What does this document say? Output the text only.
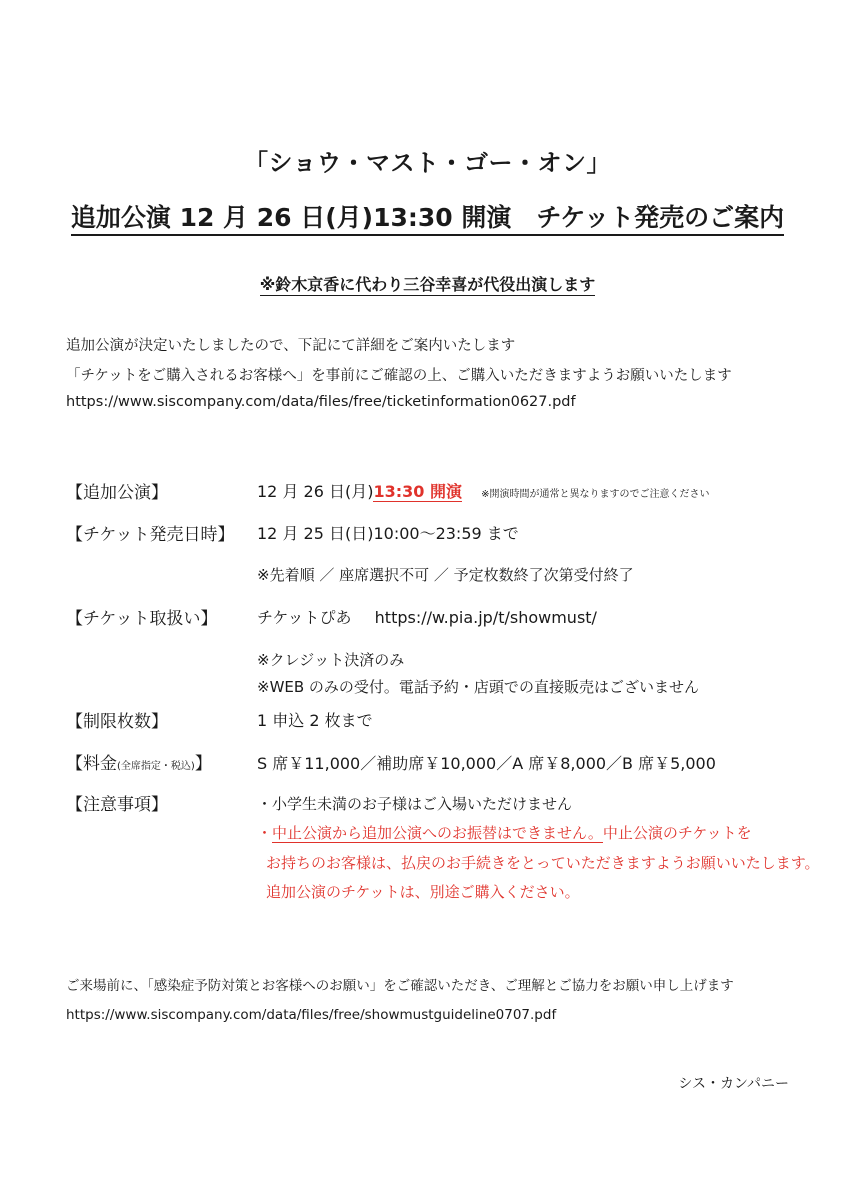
「ショウ・マスト・ゴー・オン」
追加公演 12 月 26 日(月)13:30 開演　チケット発売のご案内
※鈴木京香に代わり三谷幸喜が代役出演します
追加公演が決定いたしましたので、下記にて詳細をご案内いたします
「チケットをご購入されるお客様へ」を事前にご確認の上、ご購入いただきますようお願いいたします
https://www.siscompany.com/data/files/free/ticketinformation0627.pdf
【追加公演】	12 月 26 日(月)13:30 開演 ※開演時間が通常と異なりますのでご注意ください
【チケット発売日時】 12 月 25 日(日)10:00～23:59 まで
※先着順 ／ 座席選択不可 ／ 予定枚数終了次第受付終了
【チケット取扱い】 チケットぴあ https://w.pia.jp/t/showmust/
※クレジット決済のみ
※WEB のみの受付。電話予約・店頭での直接販売はございません
【制限枚数】	1 申込 2 枚まで
【料金(全席指定・税込)】	S 席￥11,000／補助席￥10,000／A 席￥8,000／B 席￥5,000
【注意事項】	・小学生未満のお子様はご入場いただけません
・中止公演から追加公演へのお振替はできません。中止公演のチケットを
お持ちのお客様は、払戻のお手続きをとっていただきますようお願いいたします。
追加公演のチケットは、別途ご購入ください。
ご来場前に、「感染症予防対策とお客様へのお願い」をご確認いただき、ご理解とご協力をお願い申し上げます
https://www.siscompany.com/data/files/free/showmustguideline0707.pdf
シス・カンパニー
